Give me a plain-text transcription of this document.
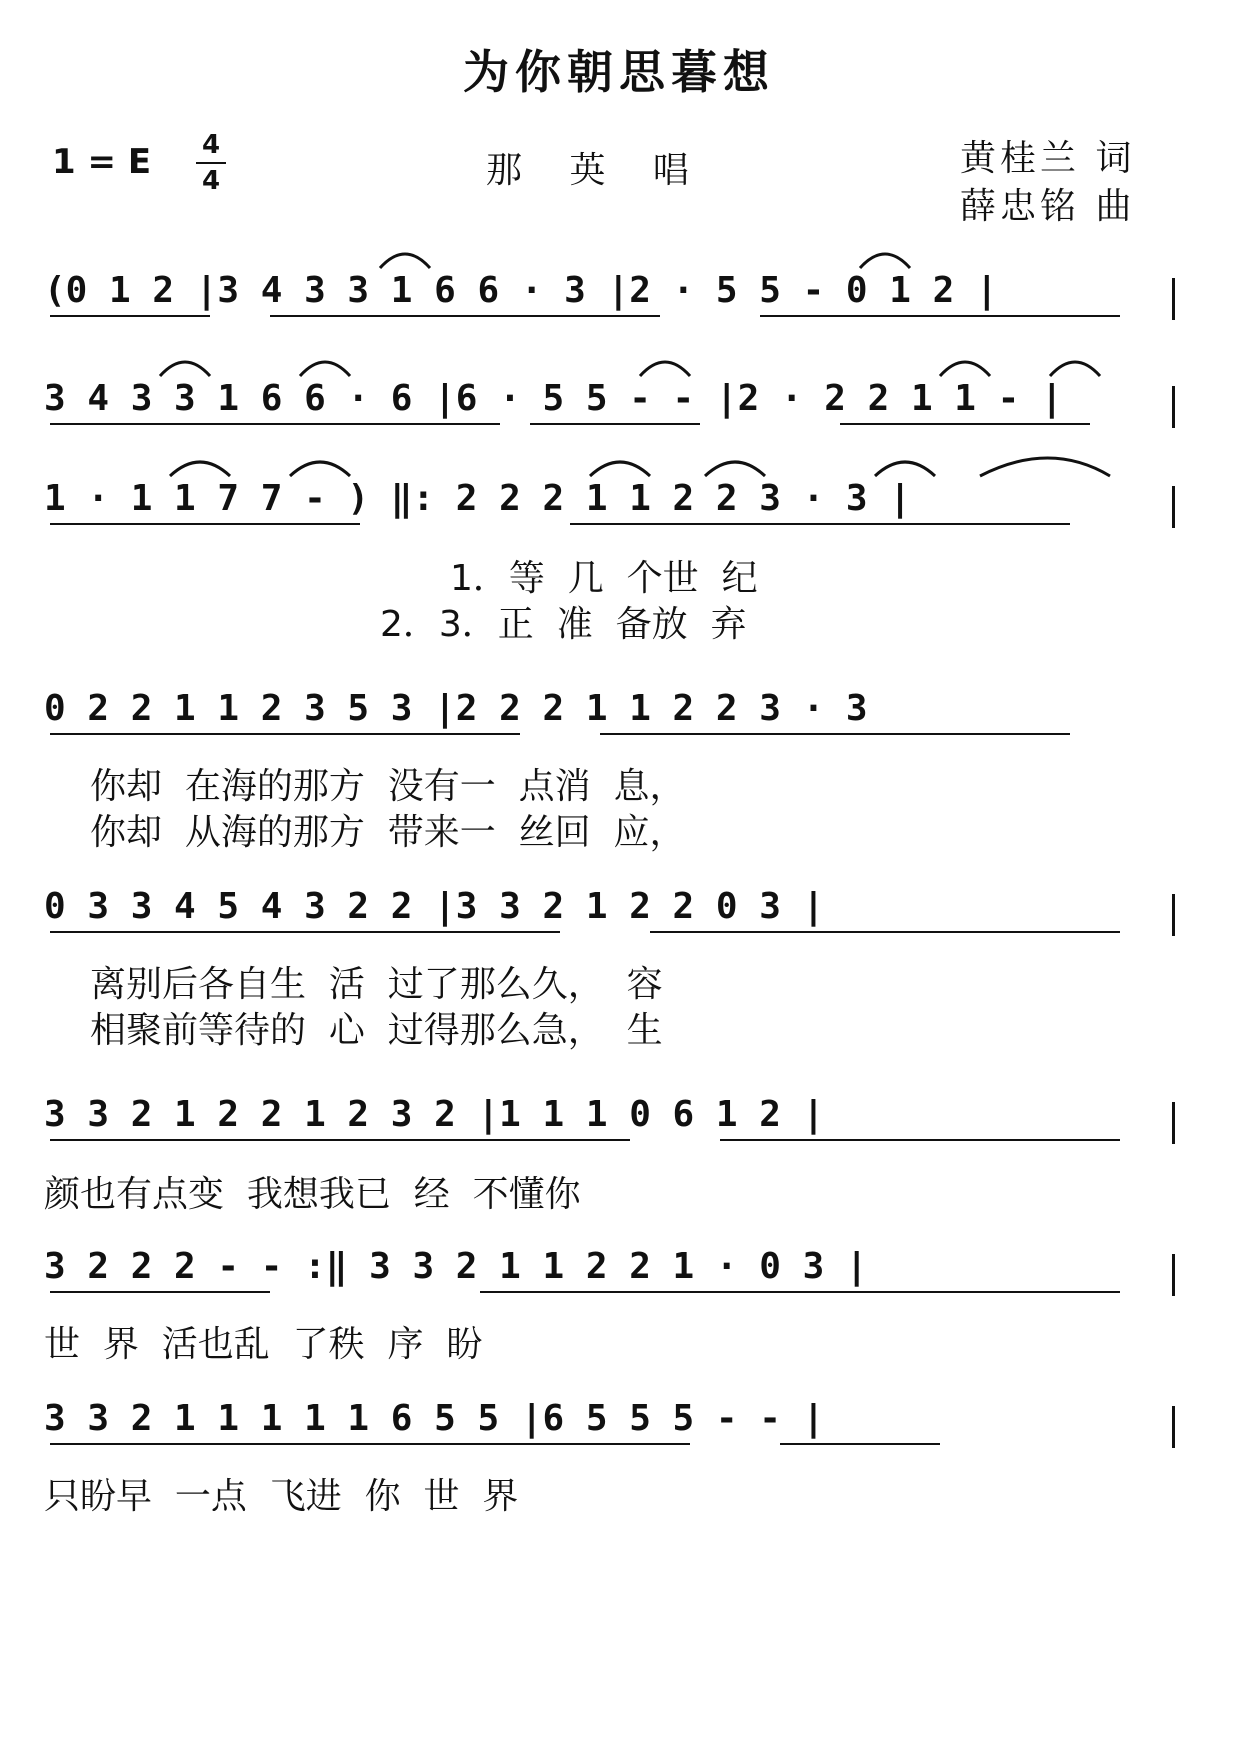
为你朝思暮想
1 = E 4
4	那 英 唱	黄桂兰 词
薛忠铭 曲
(0 1 2 |3 4 3 3 1 6 6 · 3 |2 · 5 5 - 0 1 2 |
3 4 3 3 1 6 6 · 6 |6 · 5 5 - - |2 · 2 2 1 1 - |
1 · 1 1 7 7 - ) ‖: 2 2 2 1 1 2 2 3 · 3 |
1．等  几  个世  纪
2．3．正  准  备放  弃
0 2 2 1 1 2 3 5 3 |2 2 2 1 1 2 2 3 · 3
你却  在海的那方  没有一  点消  息，
你却  从海的那方  带来一  丝回  应，
0 3 3 4 5 4 3 2 2 |3 3 2 1 2 2 0 3 |
离别后各自生  活  过了那么久，  容
相聚前等待的  心  过得那么急，  生
3 3 2 1 2 2 1 2 3 2 |1 1 1 0 6 1 2 |
颜也有点变  我想我已  经  不懂你
3 2 2 2 - - :‖ 3 3 2 1 1 2 2 1 · 0 3 |
世  界  活也乱  了秩  序  盼
3 3 2 1 1 1 1 1 6 5 5 |6 5 5 5 - - |
只盼早  一点  飞进  你  世  界
